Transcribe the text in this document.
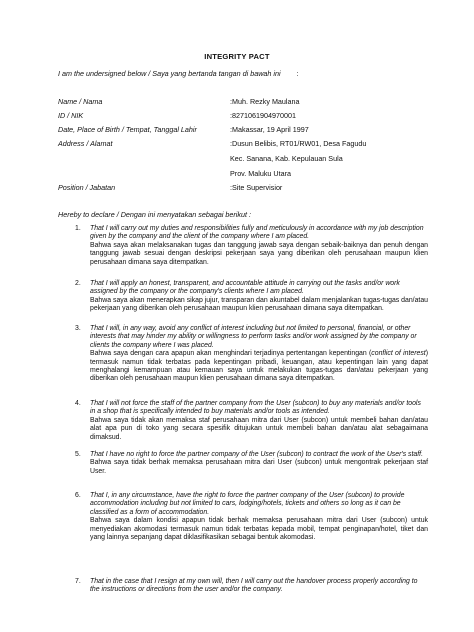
INTEGRITY PACT
I am the undersigned below / Saya yang bertanda tangan di bawah ini :
Name / Nama	:Muh. Rezky Maulana
ID / NIK	:8271061904970001
Date, Place of Birth / Tempat, Tanggal Lahir	:Makassar, 19 April 1997
Address / Alamat	:Dusun Belibis, RT01/RW01, Desa Fagudu
Kec. Sanana, Kab. Kepulauan Sula
Prov. Maluku Utara
Position / Jabatan	:Site Supervisior
Hereby to declare / Dengan ini menyatakan sebagai berikut :
1. That I will carry out my duties and responsibilities fully and meticulously in accordance with my job description given by the company and the client of the company where I am placed.
Bahwa saya akan melaksanakan tugas dan tanggung jawab saya dengan sebaik-baiknya dan penuh dengan tanggung jawab sesuai dengan deskripsi pekerjaan saya yang diberikan oleh perusahaan maupun klien perusahaan dimana saya ditempatkan.
2. That I will apply an honest, transparent, and accountable attitude in carrying out the tasks and/or work assigned by the company or the company's clients where I am placed.
Bahwa saya akan menerapkan sikap jujur, transparan dan akuntabel dalam menjalankan tugas-tugas dan/atau pekerjaan yang diberikan oleh perusahaan maupun klien perusahaan dimana saya ditempatkan.
3. That I will, in any way, avoid any conflict of interest including but not limited to personal, financial, or other interests that may hinder my ability or willingness to perform tasks and/or work assigned by the company or clients the company where I was placed.
Bahwa saya dengan cara apapun akan menghindari terjadinya pertentangan kepentingan (conflict of interest) termasuk namun tidak terbatas pada kepentingan pribadi, keuangan, atau kepentingan lain yang dapat menghalangi kemampuan atau kemauan saya untuk melakukan tugas-tugas dan/atau pekerjaan yang diberikan oleh perusahaan maupun klien perusahaan dimana saya ditempatkan.
4. That I will not force the staff of the partner company from the User (subcon) to buy any materials and/or tools in a shop that is specifically intended to buy materials and/or tools as intended.
Bahwa saya tidak akan memaksa staf perusahaan mitra dari User (subcon) untuk membeli bahan dan/atau alat apa pun di toko yang secara spesifik ditujukan untuk membeli bahan dan/atau alat sebagaimana dimaksud.
5. That I have no right to force the partner company of the User (subcon) to contract the work of the User's staff.
Bahwa saya tidak berhak memaksa perusahaan mitra dari User (subcon) untuk mengontrak pekerjaan staf User.
6. That I, in any circumstance, have the right to force the partner company of the User (subcon) to provide accommodation including but not limited to cars, lodging/hotels, tickets and others so long as it can be classified as a form of accommodation.
Bahwa saya dalam kondisi apapun tidak berhak memaksa perusahaan mitra dari User (subcon) untuk menyediakan akomodasi termasuk namun tidak terbatas kepada mobil, tempat penginapan/hotel, tiket dan yang lainnya sepanjang dapat diklasifikasikan sebagai bentuk akomodasi.
7. That in the case that I resign at my own will, then I will carry out the handover process properly according to the instructions or directions from the user and/or the company.
